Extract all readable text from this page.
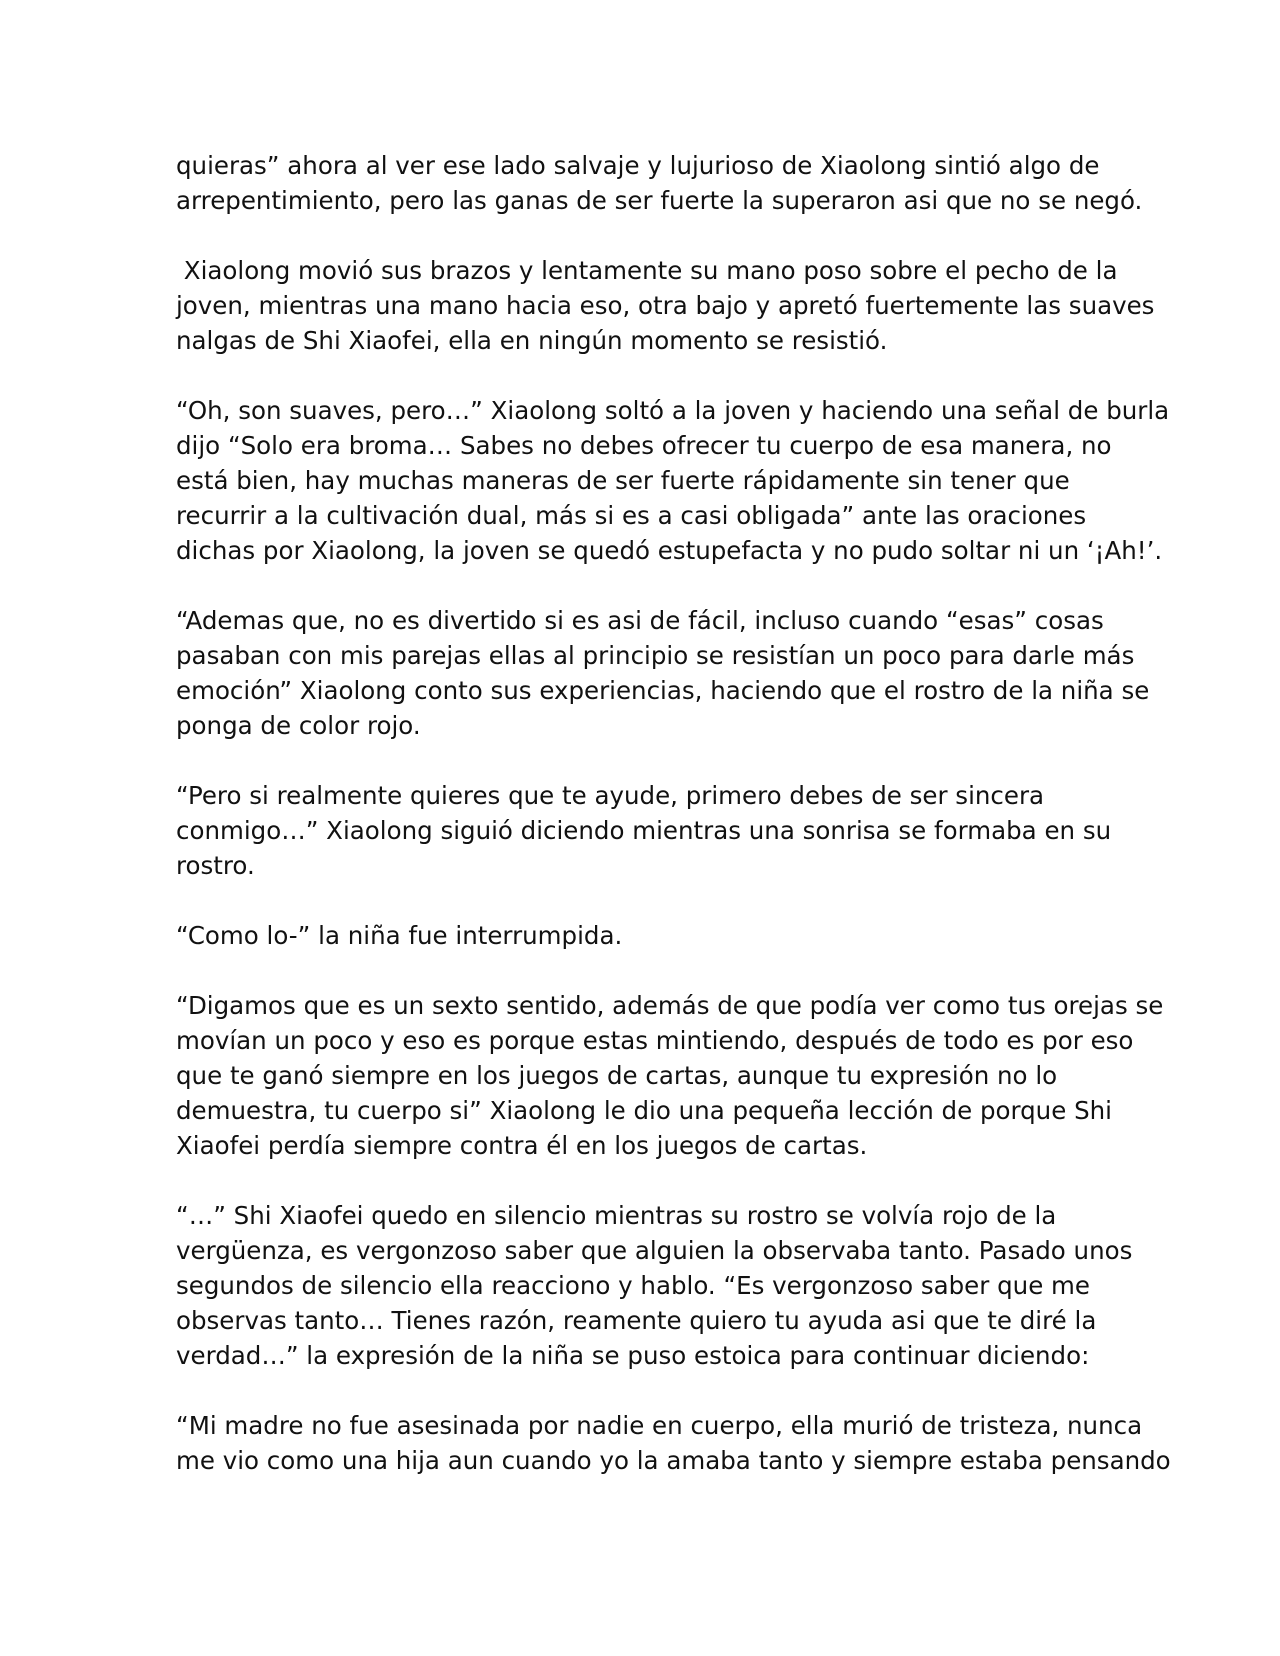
quieras” ahora al ver ese lado salvaje y lujurioso de Xiaolong sintió algo de
arrepentimiento, pero las ganas de ser fuerte la superaron asi que no se negó.
Xiaolong movió sus brazos y lentamente su mano poso sobre el pecho de la
joven, mientras una mano hacia eso, otra bajo y apretó fuertemente las suaves
nalgas de Shi Xiaofei, ella en ningún momento se resistió.
“Oh, son suaves, pero…” Xiaolong soltó a la joven y haciendo una señal de burla
dijo “Solo era broma… Sabes no debes ofrecer tu cuerpo de esa manera, no
está bien, hay muchas maneras de ser fuerte rápidamente sin tener que
recurrir a la cultivación dual, más si es a casi obligada” ante las oraciones
dichas por Xiaolong, la joven se quedó estupefacta y no pudo soltar ni un ‘¡Ah!’.
“Ademas que, no es divertido si es asi de fácil, incluso cuando “esas” cosas
pasaban con mis parejas ellas al principio se resistían un poco para darle más
emoción” Xiaolong conto sus experiencias, haciendo que el rostro de la niña se
ponga de color rojo.
“Pero si realmente quieres que te ayude, primero debes de ser sincera
conmigo…” Xiaolong siguió diciendo mientras una sonrisa se formaba en su
rostro.
“Como lo-” la niña fue interrumpida.
“Digamos que es un sexto sentido, además de que podía ver como tus orejas se
movían un poco y eso es porque estas mintiendo, después de todo es por eso
que te ganó siempre en los juegos de cartas, aunque tu expresión no lo
demuestra, tu cuerpo si” Xiaolong le dio una pequeña lección de porque Shi
Xiaofei perdía siempre contra él en los juegos de cartas.
“…” Shi Xiaofei quedo en silencio mientras su rostro se volvía rojo de la
vergüenza, es vergonzoso saber que alguien la observaba tanto. Pasado unos
segundos de silencio ella reacciono y hablo. “Es vergonzoso saber que me
observas tanto… Tienes razón, reamente quiero tu ayuda asi que te diré la
verdad…” la expresión de la niña se puso estoica para continuar diciendo:
“Mi madre no fue asesinada por nadie en cuerpo, ella murió de tristeza, nunca
me vio como una hija aun cuando yo la amaba tanto y siempre estaba pensando
